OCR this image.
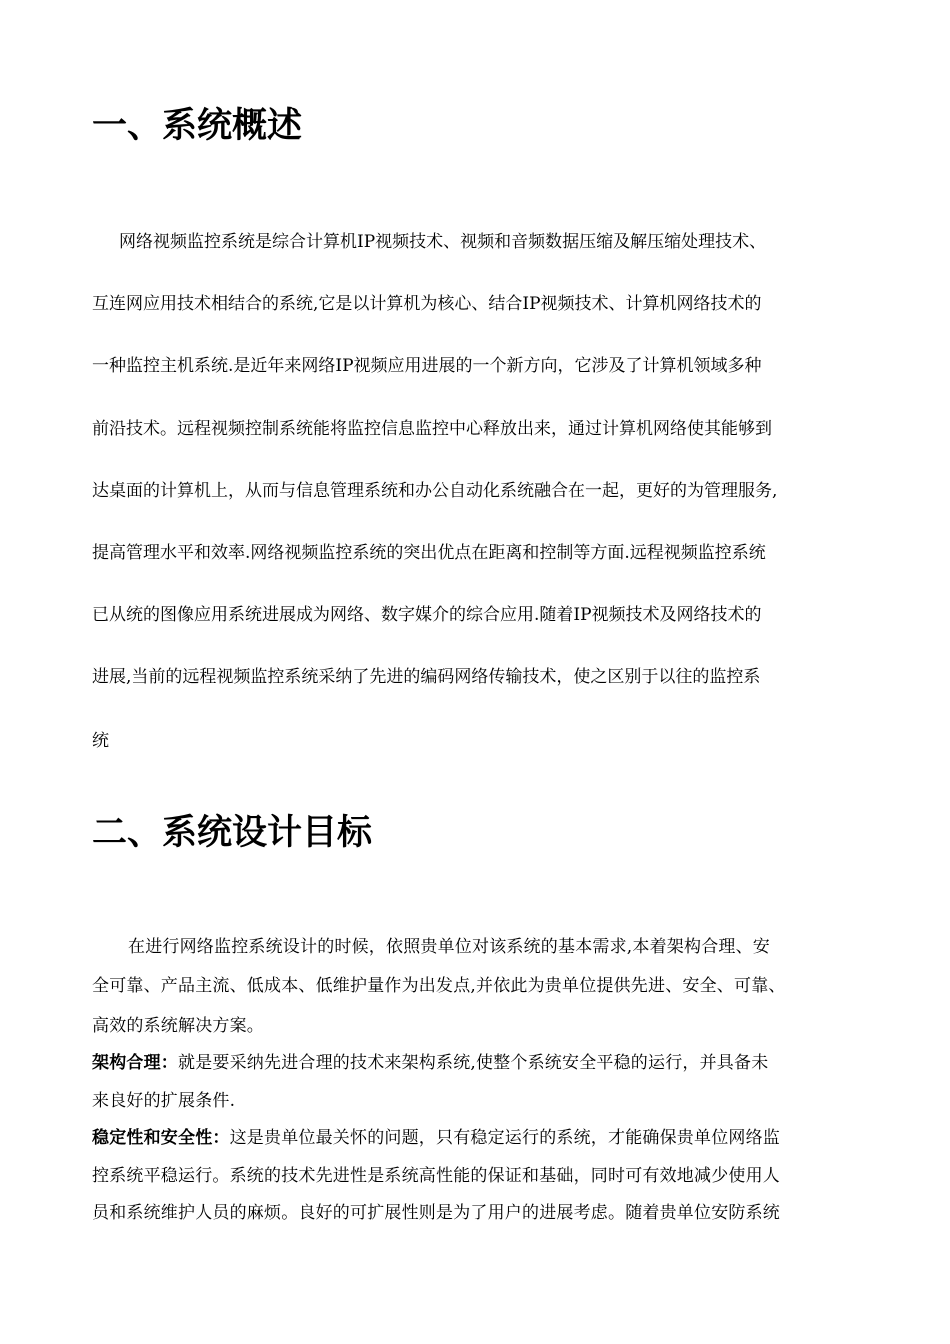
一、系统概述
网络视频监控系统是综合计算机IP视频技术、视频和音频数据压缩及解压缩处理技术、
互连网应用技术相结合的系统,它是以计算机为核心、结合IP视频技术、计算机网络技术的
一种监控主机系统.是近年来网络IP视频应用进展的一个新方向，它涉及了计算机领域多种
前沿技术。远程视频控制系统能将监控信息监控中心释放出来，通过计算机网络使其能够到
达桌面的计算机上，从而与信息管理系统和办公自动化系统融合在一起，更好的为管理服务,
提高管理水平和效率.网络视频监控系统的突出优点在距离和控制等方面.远程视频监控系统
已从统的图像应用系统进展成为网络、数字媒介的综合应用.随着IP视频技术及网络技术的
进展,当前的远程视频监控系统采纳了先进的编码网络传输技术，使之区别于以往的监控系
统
二、系统设计目标
在进行网络监控系统设计的时候，依照贵单位对该系统的基本需求,本着架构合理、安
全可靠、产品主流、低成本、低维护量作为出发点,并依此为贵单位提供先进、安全、可靠、
高效的系统解决方案。
架构合理：就是要采纳先进合理的技术来架构系统,使整个系统安全平稳的运行，并具备未
来良好的扩展条件.
稳定性和安全性：这是贵单位最关怀的问题，只有稳定运行的系统，才能确保贵单位网络监
控系统平稳运行。系统的技术先进性是系统高性能的保证和基础，同时可有效地减少使用人
员和系统维护人员的麻烦。良好的可扩展性则是为了用户的进展考虑。随着贵单位安防系统
